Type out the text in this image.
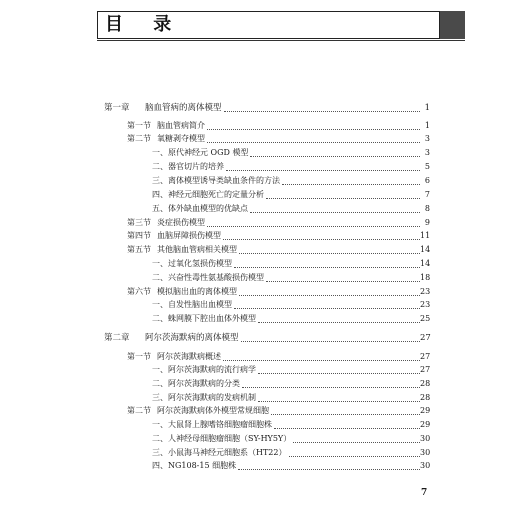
目 录
第一章 脑血管病的离体模型	1
第一节 脑血管病简介	1
第二节 氧糖剥夺模型	3
一、原代神经元 OGD 模型	3
二、器官切片的培养	5
三、离体模型诱导类缺血条件的方法	6
四、神经元细胞死亡的定量分析	7
五、体外缺血模型的优缺点	8
第三节 炎症损伤模型	9
第四节 血脑屏障损伤模型	11
第五节 其他脑血管病相关模型	14
一、过氧化氢损伤模型	14
二、兴奋性毒性氨基酸损伤模型	18
第六节 模拟脑出血的离体模型	23
一、自发性脑出血模型	23
二、蛛网膜下腔出血体外模型	25
第二章 阿尔茨海默病的离体模型	27
第一节 阿尔茨海默病概述	27
一、阿尔茨海默病的流行病学	27
二、阿尔茨海默病的分类	28
三、阿尔茨海默病的发病机制	28
第二节 阿尔茨海默病体外模型常规细胞	29
一、大鼠肾上腺嗜铬细胞瘤细胞株	29
二、人神经母细胞瘤细胞（SY-HY5Y）	30
三、小鼠海马神经元细胞系（HT22）	30
四、NG108-15 细胞株	30
7
